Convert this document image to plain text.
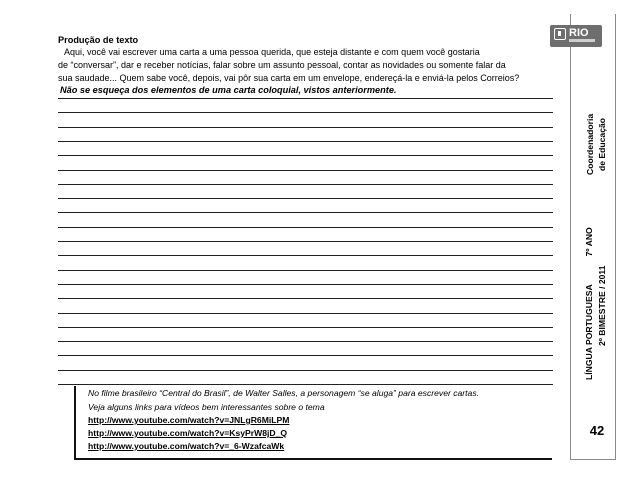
Produção de texto
Aqui, você vai escrever uma carta a uma pessoa querida, que esteja distante e com quem você gostaria
de “conversar”, dar e receber notícias, falar sobre um assunto pessoal, contar as novidades ou somente falar da
sua saudade... Quem sabe você, depois, vai pôr sua carta em um envelope, endereçá-la e enviá-la pelos Correios?
Não se esqueça dos elementos de uma carta coloquial, vistos anteriormente.
No filme brasileiro “Central do Brasil”, de Walter Salles, a personagem “se aluga” para escrever cartas.
Veja alguns links para vídeos bem interessantes sobre o tema
http://www.youtube.com/watch?v=JNLgR6MiLPM
http://www.youtube.com/watch?v=KsyPrW8jD_Q
http://www.youtube.com/watch?v=_6-WzafcaWk
RIO
Coordenadoria de Educação
LÍNGUA PORTUGUESA7º ANO
2º BIMESTRE / 2011
42
